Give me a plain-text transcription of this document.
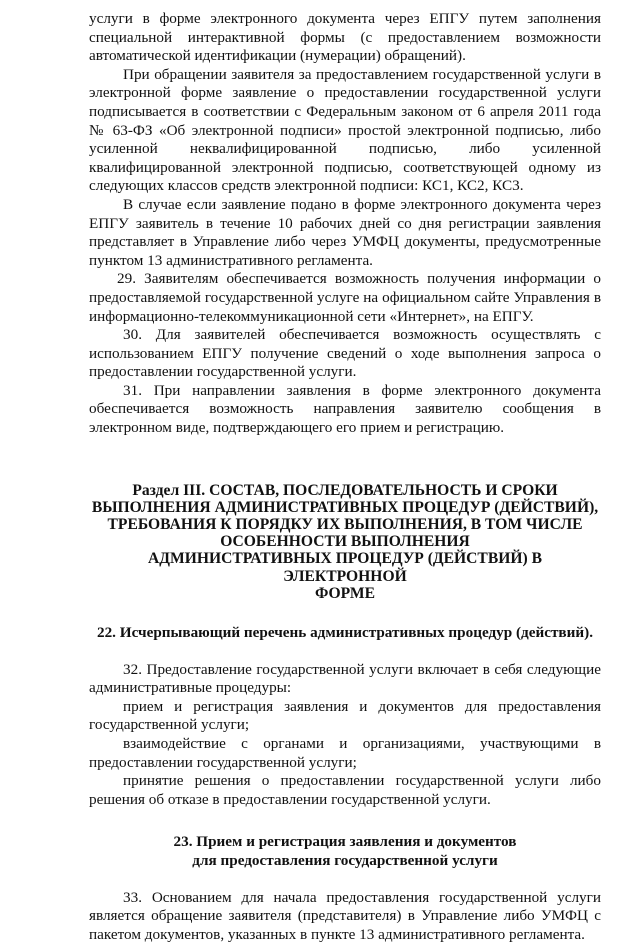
услуги в форме электронного документа через ЕПГУ путем заполнения специальной интерактивной формы (с предоставлением возможности автоматической идентификации (нумерации) обращений).

При обращении заявителя за предоставлением государственной услуги в электронной форме заявление о предоставлении государственной услуги подписывается в соответствии с Федеральным законом от 6 апреля 2011 года № 63-ФЗ «Об электронной подписи» простой электронной подписью, либо усиленной неквалифицированной подписью, либо усиленной квалифицированной электронной подписью, соответствующей одному из следующих классов средств электронной подписи: КС1, КС2, КС3.

В случае если заявление подано в форме электронного документа через ЕПГУ заявитель в течение 10 рабочих дней со дня регистрации заявления представляет в Управление либо через УМФЦ документы, предусмотренные пунктом 13 административного регламента.

29. Заявителям обеспечивается возможность получения информации о предоставляемой государственной услуге на официальном сайте Управления в информационно-телекоммуникационной сети «Интернет», на ЕПГУ.

30. Для заявителей обеспечивается возможность осуществлять с использованием ЕПГУ получение сведений о ходе выполнения запроса о предоставлении государственной услуги.

31. При направлении заявления в форме электронного документа обеспечивается возможность направления заявителю сообщения в электронном виде, подтверждающего его прием и регистрацию.

Раздел III. СОСТАВ, ПОСЛЕДОВАТЕЛЬНОСТЬ И СРОКИ
ВЫПОЛНЕНИЯ АДМИНИСТРАТИВНЫХ ПРОЦЕДУР (ДЕЙСТВИЙ),
ТРЕБОВАНИЯ К ПОРЯДКУ ИХ ВЫПОЛНЕНИЯ, В ТОМ ЧИСЛЕ
ОСОБЕННОСТИ ВЫПОЛНЕНИЯ
АДМИНИСТРАТИВНЫХ ПРОЦЕДУР (ДЕЙСТВИЙ) В ЭЛЕКТРОННОЙ
ФОРМЕ

22. Исчерпывающий перечень административных процедур (действий).

32. Предоставление государственной услуги включает в себя следующие административные процедуры:

прием и регистрация заявления и документов для предоставления государственной услуги;

взаимодействие с органами и организациями, участвующими в предоставлении государственной услуги;

принятие решения о предоставлении государственной услуги либо решения об отказе в предоставлении государственной услуги.

23. Прием и регистрация заявления и документов
для предоставления государственной услуги

33. Основанием для начала предоставления государственной услуги является обращение заявителя (представителя) в Управление либо УМФЦ с пакетом документов, указанных в пункте 13 административного регламента.
